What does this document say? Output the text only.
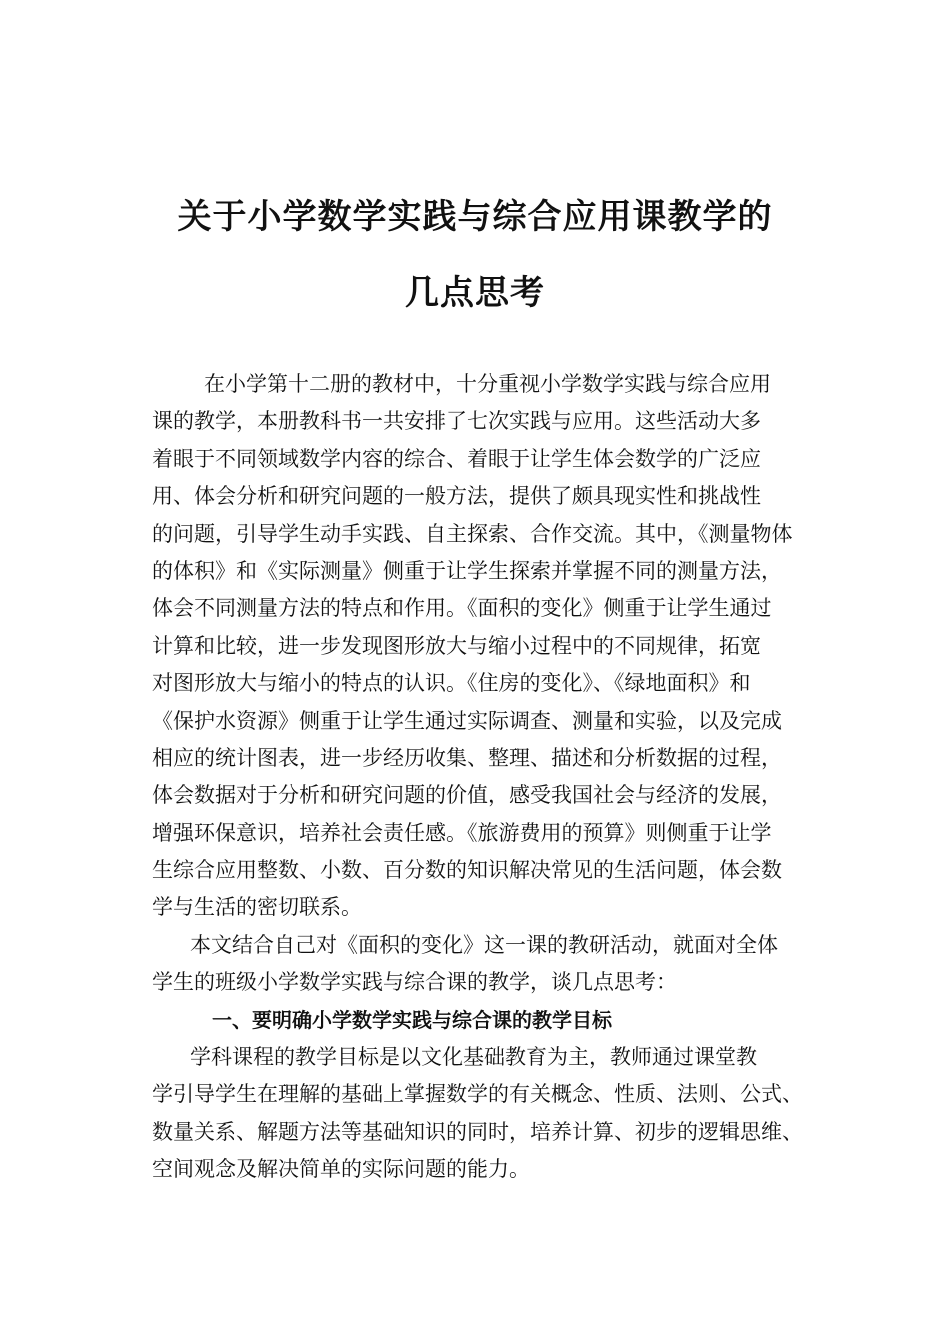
关于小学数学实践与综合应用课教学的
几点思考
在小学第十二册的教材中，十分重视小学数学实践与综合应用
课的教学，本册教科书一共安排了七次实践与应用。这些活动大多
着眼于不同领域数学内容的综合、着眼于让学生体会数学的广泛应
用、体会分析和研究问题的一般方法，提供了颇具现实性和挑战性
的问题，引导学生动手实践、自主探索、合作交流。其中，《测量物体
的体积》和《实际测量》侧重于让学生探索并掌握不同的测量方法，
体会不同测量方法的特点和作用。《面积的变化》侧重于让学生通过
计算和比较，进一步发现图形放大与缩小过程中的不同规律，拓宽
对图形放大与缩小的特点的认识。《住房的变化》、《绿地面积》和
《保护水资源》侧重于让学生通过实际调查、测量和实验，以及完成
相应的统计图表，进一步经历收集、整理、描述和分析数据的过程，
体会数据对于分析和研究问题的价值，感受我国社会与经济的发展，
增强环保意识，培养社会责任感。《旅游费用的预算》则侧重于让学
生综合应用整数、小数、百分数的知识解决常见的生活问题，体会数
学与生活的密切联系。
本文结合自己对《面积的变化》这一课的教研活动，就面对全体
学生的班级小学数学实践与综合课的教学，谈几点思考：
一、要明确小学数学实践与综合课的教学目标
学科课程的教学目标是以文化基础教育为主，教师通过课堂教
学引导学生在理解的基础上掌握数学的有关概念、性质、法则、公式、
数量关系、解题方法等基础知识的同时，培养计算、初步的逻辑思维、
空间观念及解决简单的实际问题的能力。
